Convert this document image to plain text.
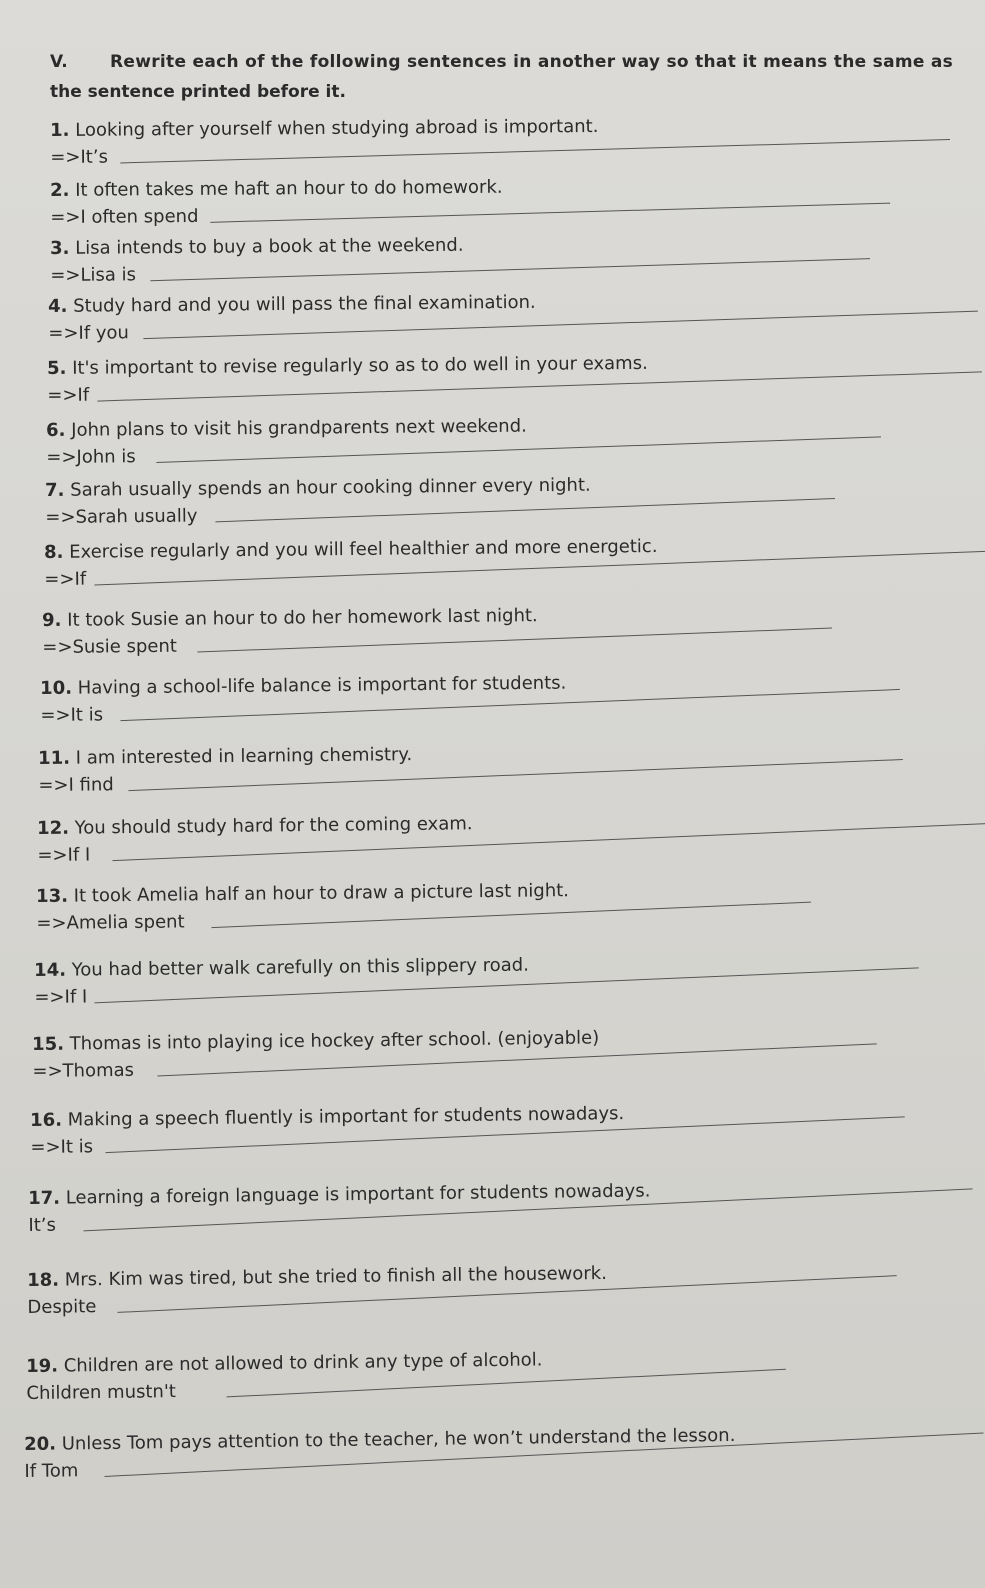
V. Rewrite each of the following sentences in another way so that it means the same as
the sentence printed before it.
1. Looking after yourself when studying abroad is important.
=>It’s
2. It often takes me haft an hour to do homework.
=>I often spend
3. Lisa intends to buy a book at the weekend.
=>Lisa is
4. Study hard and you will pass the final examination.
=>If you
5. It's important to revise regularly so as to do well in your exams.
=>If
6. John plans to visit his grandparents next weekend.
=>John is
7. Sarah usually spends an hour cooking dinner every night.
=>Sarah usually
8. Exercise regularly and you will feel healthier and more energetic.
=>If
9. It took Susie an hour to do her homework last night.
=>Susie spent
10. Having a school-life balance is important for students.
=>It is
11. I am interested in learning chemistry.
=>I find
12. You should study hard for the coming exam.
=>If I
13. It took Amelia half an hour to draw a picture last night.
=>Amelia spent
14. You had better walk carefully on this slippery road.
=>If I
15. Thomas is into playing ice hockey after school. (enjoyable)
=>Thomas
16. Making a speech fluently is important for students nowadays.
=>It is
17. Learning a foreign language is important for students nowadays.
It’s
18. Mrs. Kim was tired, but she tried to finish all the housework.
Despite
19. Children are not allowed to drink any type of alcohol.
Children mustn't
20. Unless Tom pays attention to the teacher, he won’t understand the lesson.
If Tom
